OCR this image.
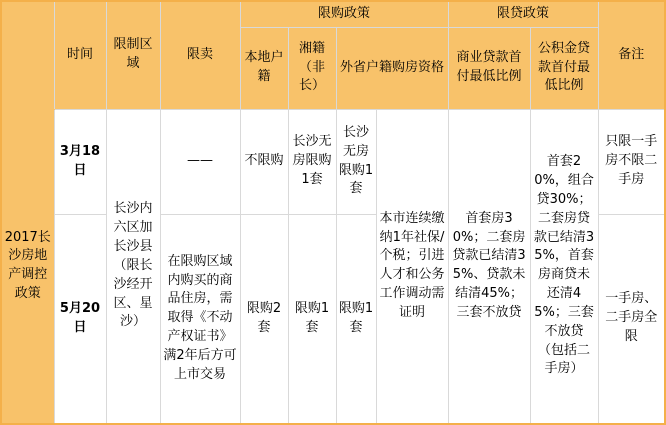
	时间	限制区域	限卖	限购政策				限贷政策		备注
				本地户籍	湘籍（非长）	外省户籍购房资格		商业贷款首付最低比例	公积金贷款首付最低比例	
2017长沙房地产调控政策	3月18日	长沙内六区加长沙县（限长沙经开区、星沙）	——	不限购	长沙无房限购1套	长沙无房限购1套	本市连续缴纳1年社保/个税；引进人才和公务工作调动需证明	首套房30%；二套房贷款已结清35%、贷款未结清45%；三套不放贷	首套20%，组合贷30%；二套房贷款已结清35%，首套房商贷未还清45%；三套不放贷（包括二手房）	只限一手房不限二手房
	5月20日		在限购区域内购买的商品住房，需取得《不动产权证书》满2年后方可上市交易	限购2套	限购1套	限购1套				一手房、二手房全限
